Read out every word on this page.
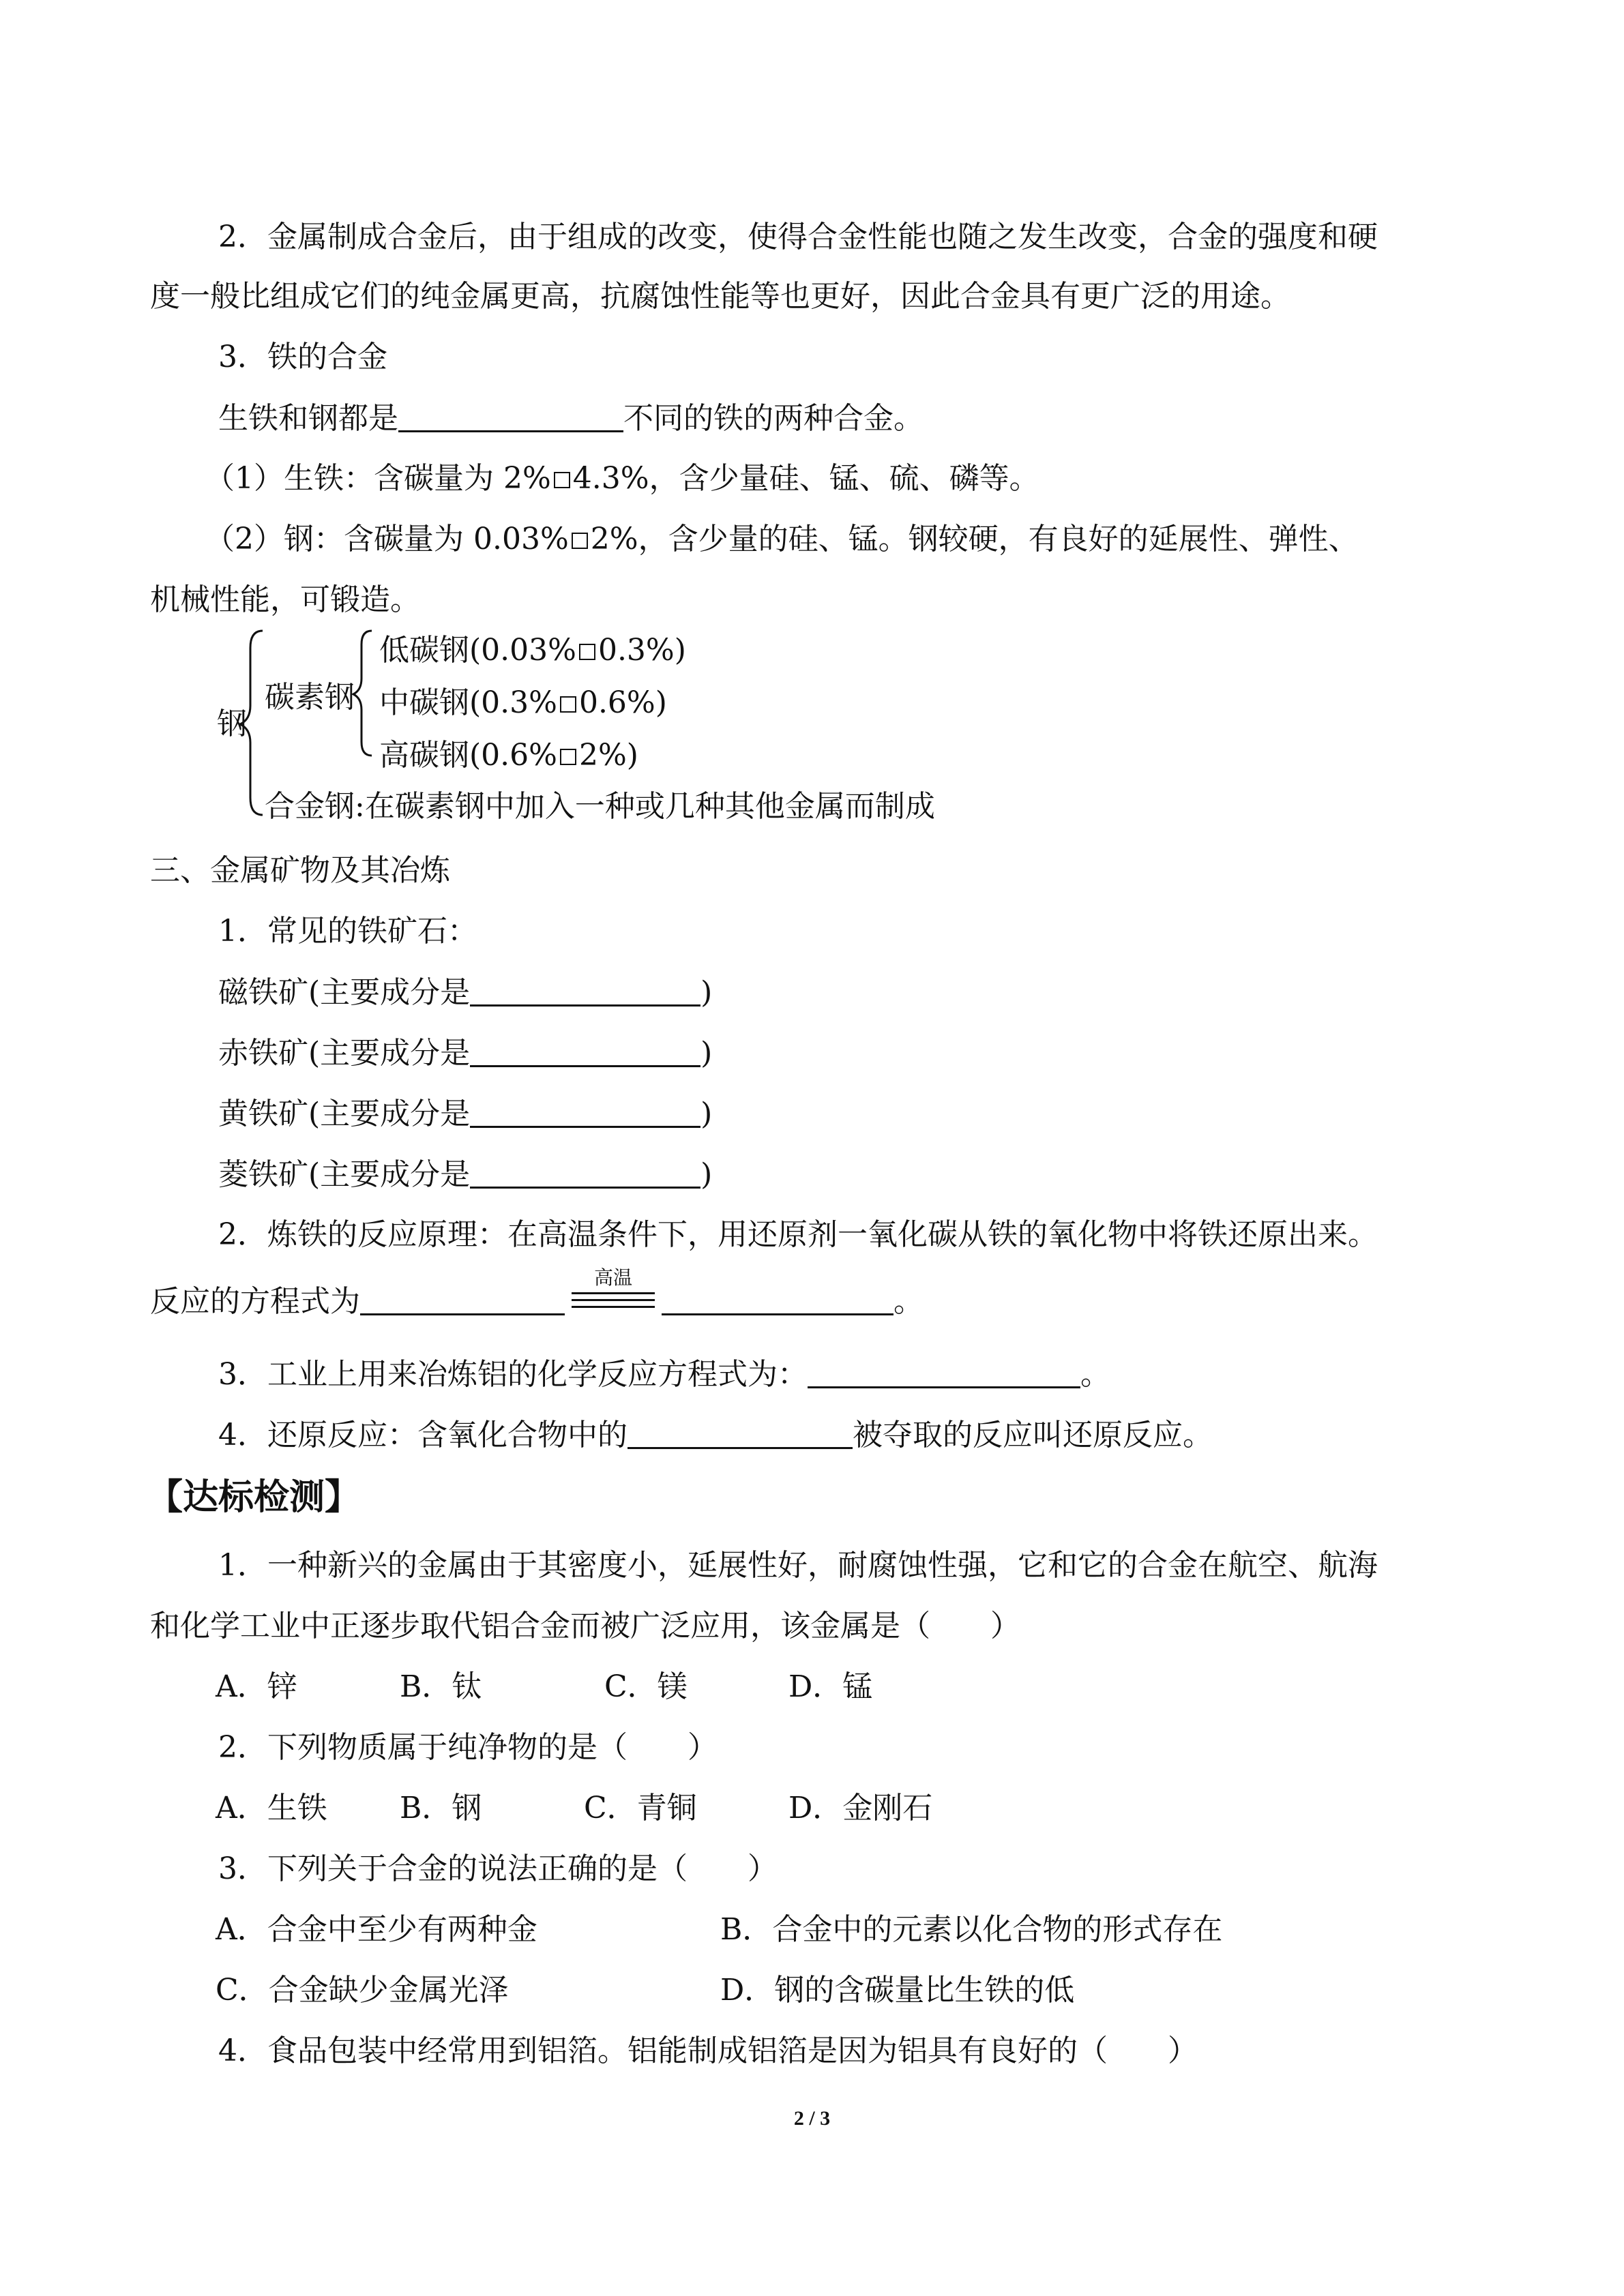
2．金属制成合金后，由于组成的改变，使得合金性能也随之发生改变，合金的强度和硬
度一般比组成它们的纯金属更高，抗腐蚀性能等也更好，因此合金具有更广泛的用途。
3．铁的合金
生铁和钢都是	不同的铁的两种合金。
（1）生铁：含碳量为 2% 4.3%，含少量硅、锰、硫、磷等。
（2）钢：含碳量为 0.03% 2%，含少量的硅、锰。钢较硬，有良好的延展性、弹性、
机械性能，可锻造。
钢
碳素钢
低碳钢(0.03% 0.3%)
中碳钢(0.3% 0.6%)
高碳钢(0.6% 2%)
合金钢:在碳素钢中加入一种或几种其他金属而制成
三、金属矿物及其冶炼
1．常见的铁矿石：
磁铁矿(主要成分是	)
赤铁矿(主要成分是	)
黄铁矿(主要成分是	)
菱铁矿(主要成分是	)
2．炼铁的反应原理：在高温条件下，用还原剂一氧化碳从铁的氧化物中将铁还原出来。
反应的方程式为
高温
。
3．工业上用来冶炼铝的化学反应方程式为：	。
4．还原反应：含氧化合物中的	被夺取的反应叫还原反应。
【达标检测】
1．一种新兴的金属由于其密度小，延展性好，耐腐蚀性强，它和它的合金在航空、航海
和化学工业中正逐步取代铝合金而被广泛应用，该金属是（　　）
A．锌	B．钛	C．镁	D．锰
2．下列物质属于纯净物的是（　　）
A．生铁 B．钢	C．青铜	D．金刚石
3．下列关于合金的说法正确的是（　　）
A．合金中至少有两种金	B．合金中的元素以化合物的形式存在
C．合金缺少金属光泽	D．钢的含碳量比生铁的低
4．食品包装中经常用到铝箔。铝能制成铝箔是因为铝具有良好的（　　）
2 / 3
